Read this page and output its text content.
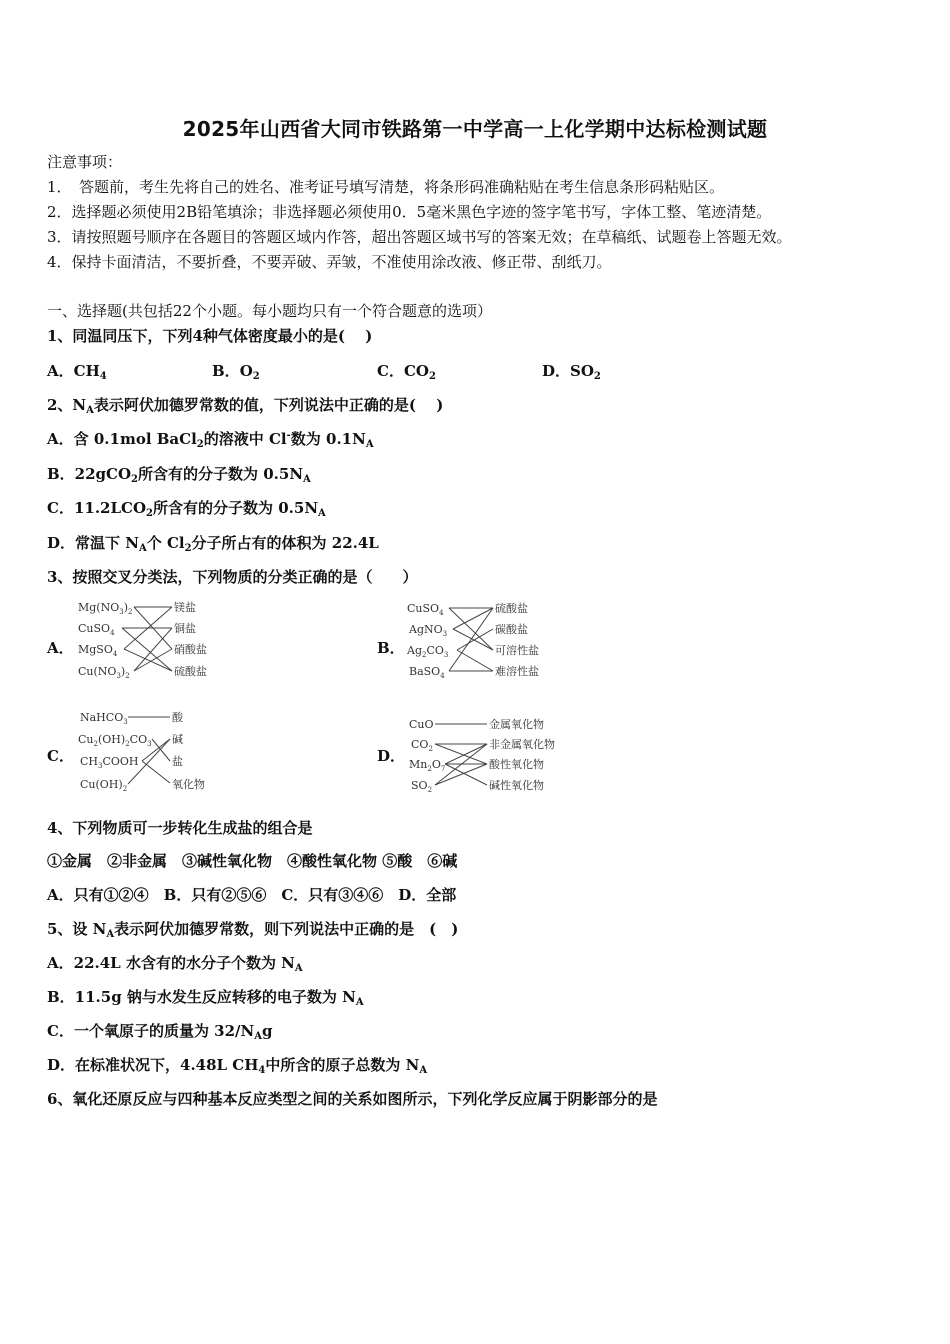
2025年山西省大同市铁路第一中学高一上化学期中达标检测试题
注意事项：
1．　答题前，考生先将自己的姓名、准考证号填写清楚，将条形码准确粘贴在考生信息条形码粘贴区。
2．选择题必须使用2B铅笔填涂；非选择题必须使用0．5毫米黑色字迹的签字笔书写，字体工整、笔迹清楚。
3．请按照题号顺序在各题目的答题区域内作答，超出答题区域书写的答案无效；在草稿纸、试题卷上答题无效。
4．保持卡面清洁，不要折叠，不要弄破、弄皱，不准使用涂改液、修正带、刮纸刀。
一、选择题(共包括22个小题。每小题均只有一个符合题意的选项）
1、同温同压下，下列4种气体密度最小的是(　 )
A．$CH_4$	B．$O_2$	C．$CO_2$	D．$SO_2$
2、$N_A$表示阿伏加德罗常数的值，下列说法中正确的是(　 )
A．含 0.1mol BaCl$_2$的溶液中 Cl-数为 $0.1N_A$
B．22gCO$_2$所含有的分子数为 $0.5N_A$
C．$11.2LCO_2$所含有的分子数为 $0.5N_A$
D．常温下 $N_A$个 $Cl_2$分子所占有的体积为 22.4L
3、按照交叉分类法，下列物质的分类正确的是（　　）
A．
$Mg(NO_3)_2$
CuSO$_4$
MgSO$_4$
$Cu(NO_3)_2$
镁盐
铜盐
硝酸盐
硫酸盐
B．
CuSO$_4$
AgNO$_3$
$Ag_2CO_3$
BaSO$_4$
硫酸盐
碳酸盐
可溶性盐
难溶性盐
C．
NaHCO$_3$
$Cu_2(OH)_2CO_3$
$CH_3COOH$
$Cu(OH)_2$
酸
碱
盐
氧化物
D．
CuO
$CO_2$
$Mn_2O_7$
$SO_2$
金属氧化物
非金属氧化物
酸性氧化物
碱性氧化物
4、下列物质可一步转化生成盐的组合是
①金属　②非金属　③碱性氧化物　④酸性氧化物 ⑤酸　⑥碱
A．只有①②④　B．只有②⑤⑥　C．只有③④⑥　D．全部
5、设 $N_A$表示阿伏加德罗常数，则下列说法中正确的是　(　)
A．22.4L 水含有的水分子个数为 $N_A$
B．11.5g 钠与水发生反应转移的电子数为 $N_A$
C．一个氧原子的质量为 $32/N_Ag$
D．在标准状况下，4.48L $CH_4$中所含的原子总数为 $N_A$
6、氧化还原反应与四种基本反应类型之间的关系如图所示，下列化学反应属于阴影部分的是
